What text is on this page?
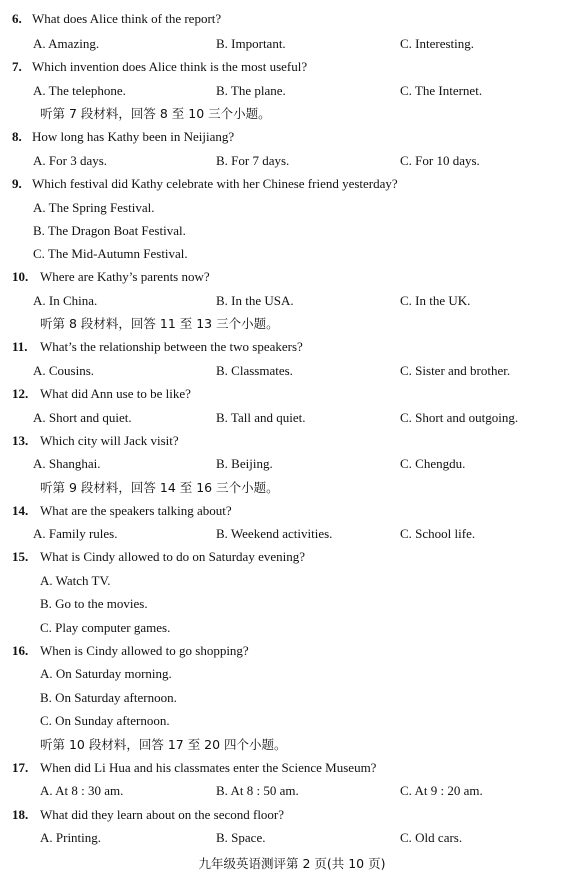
6. What does Alice think of the report?
A. Amazing.	B. Important.	C. Interesting.
7. Which invention does Alice think is the most useful?
A. The telephone.	B. The plane.	C. The Internet.
听第 7 段材料，回答 8 至 10 三个小题。
8. How long has Kathy been in Neijiang?
A. For 3 days.	B. For 7 days.	C. For 10 days.
9. Which festival did Kathy celebrate with her Chinese friend yesterday?
A. The Spring Festival.
B. The Dragon Boat Festival.
C. The Mid-Autumn Festival.
10. Where are Kathy’s parents now?
A. In China.	B. In the USA.	C. In the UK.
听第 8 段材料，回答 11 至 13 三个小题。
11. What’s the relationship between the two speakers?
A. Cousins.	B. Classmates.	C. Sister and brother.
12. What did Ann use to be like?
A. Short and quiet.	B. Tall and quiet.	C. Short and outgoing.
13. Which city will Jack visit?
A. Shanghai.	B. Beijing.	C. Chengdu.
听第 9 段材料，回答 14 至 16 三个小题。
14. What are the speakers talking about?
A. Family rules.	B. Weekend activities.	C. School life.
15. What is Cindy allowed to do on Saturday evening?
A. Watch TV.
B. Go to the movies.
C. Play computer games.
16. When is Cindy allowed to go shopping?
A. On Saturday morning.
B. On Saturday afternoon.
C. On Sunday afternoon.
听第 10 段材料，回答 17 至 20 四个小题。
17. When did Li Hua and his classmates enter the Science Museum?
A. At 8 : 30 am.	B. At 8 : 50 am.	C. At 9 : 20 am.
18. What did they learn about on the second floor?
A. Printing.	B. Space.	C. Old cars.
九年级英语测评第 2 页(共 10 页)
